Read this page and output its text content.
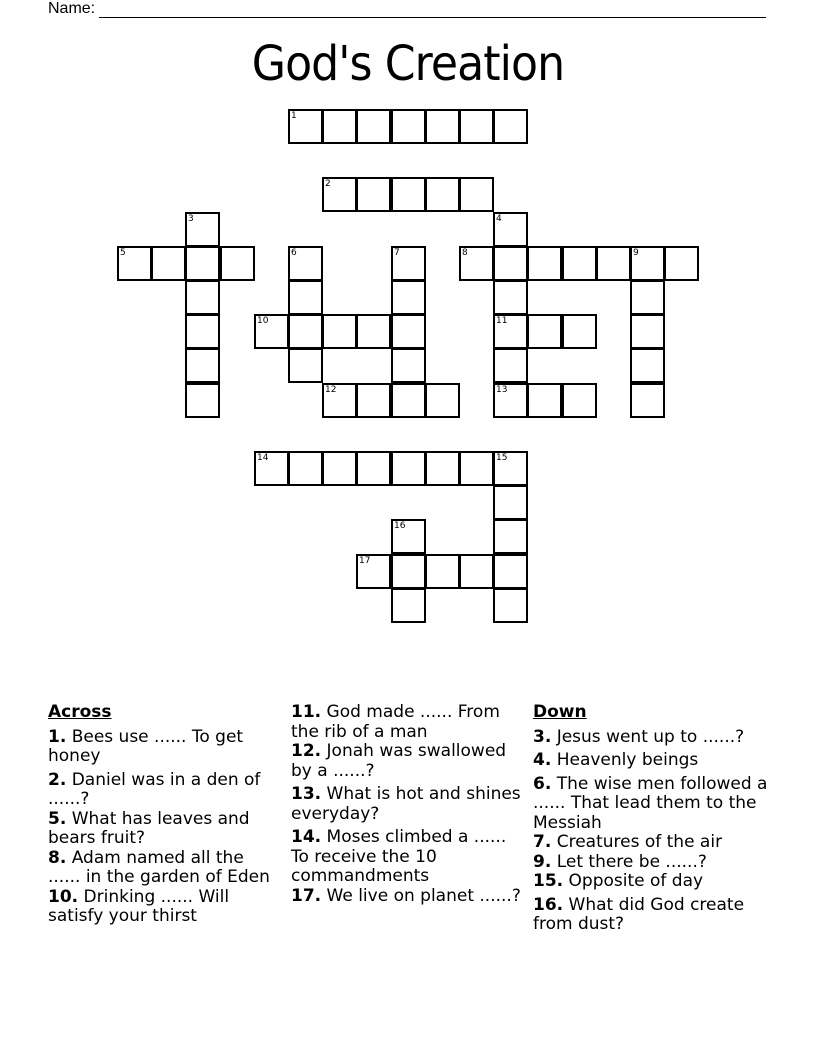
Name:
God's Creation
1
2
3	4
11
13
5	6	7	8	9
10
12
14	15
16
17
Across
1. Bees use ...... To get honey
2. Daniel was in a den of ......?
5. What has leaves and bears fruit?
8. Adam named all the ...... in the garden of Eden
10. Drinking ...... Will satisfy your thirst
11. God made ...... From the rib of a man
12. Jonah was swallowed by a ......?
13. What is hot and shines everyday?
14. Moses climbed a ...... To receive the 10 commandments
17. We live on planet ......?
Down
3. Jesus went up to ......?
4. Heavenly beings
6. The wise men followed a ...... That lead them to the Messiah
7. Creatures of the air
9. Let there be ......?
15. Opposite of day
16. What did God create from dust?
